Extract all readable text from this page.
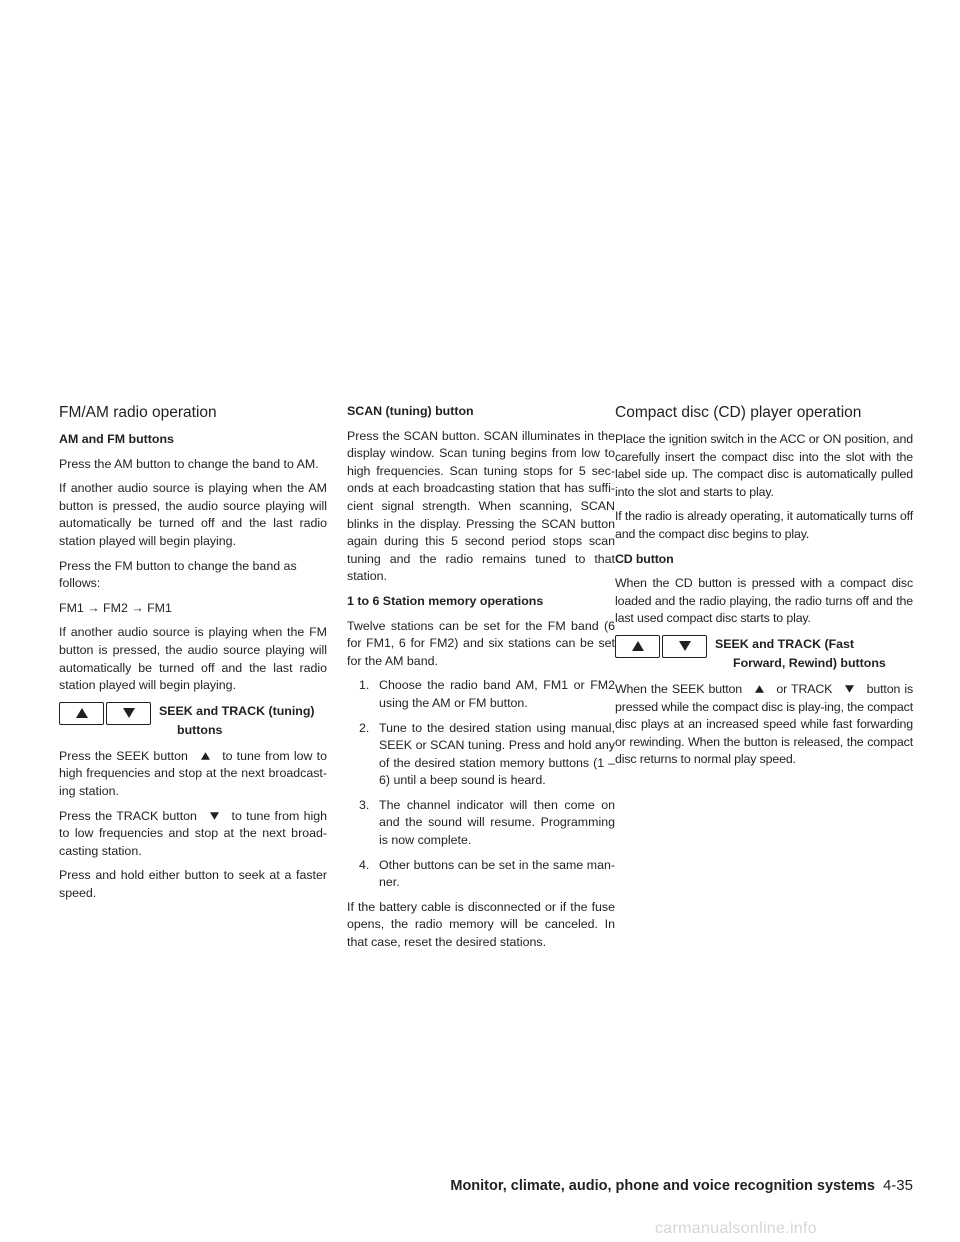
FM/AM radio operation
AM and FM buttons

Press the AM button to change the band to AM.

If another audio source is playing when the AM button is pressed, the audio source playing will automatically be turned off and the last radio station played will begin playing.

Press the FM button to change the band as follows:

FM1 → FM2 → FM1

If another audio source is playing when the FM button is pressed, the audio source playing will automatically be turned off and the last radio station played will begin playing.

SEEK and TRACK (tuning)
buttons

Press the SEEK button	to tune from low to high frequencies and stop at the next broadcast-ing station.

Press the TRACK button	to tune from high to low frequencies and stop at the next broad-casting station.

Press and hold either button to seek at a faster speed.

SCAN (tuning) button

Press the SCAN button. SCAN illuminates in the display window. Scan tuning begins from low to high frequencies. Scan tuning stops for 5 sec-onds at each broadcasting station that has suffi-cient signal strength. When scanning, SCAN blinks in the display. Pressing the SCAN button again during this 5 second period stops scan tuning and the radio remains tuned to that station.

1 to 6 Station memory operations

Twelve stations can be set for the FM band (6 for FM1, 6 for FM2) and six stations can be set for the AM band.

1. Choose the radio band AM, FM1 or FM2 using the AM or FM button.
2. Tune to the desired station using manual, SEEK or SCAN tuning. Press and hold any of the desired station memory buttons (1 – 6) until a beep sound is heard.
3. The channel indicator will then come on and the sound will resume. Programming is now complete.
4. Other buttons can be set in the same man-ner.

If the battery cable is disconnected or if the fuse opens, the radio memory will be canceled. In that case, reset the desired stations.

Compact disc (CD) player operation

Place the ignition switch in the ACC or ON position, and carefully insert the compact disc into the slot with the label side up. The compact disc is automatically pulled into the slot and starts to play.

If the radio is already operating, it automatically turns off and the compact disc begins to play.

CD button

When the CD button is pressed with a compact disc loaded and the radio playing, the radio turns off and the last used compact disc starts to play.

SEEK and TRACK (Fast
Forward, Rewind) buttons

When the SEEK button	or TRACK	button is pressed while the compact disc is play-ing, the compact disc plays at an increased speed while fast forwarding or rewinding. When the button is released, the compact disc returns to normal play speed.

Monitor, climate, audio, phone and voice recognition systems 4-35
carmanualsonline.info
